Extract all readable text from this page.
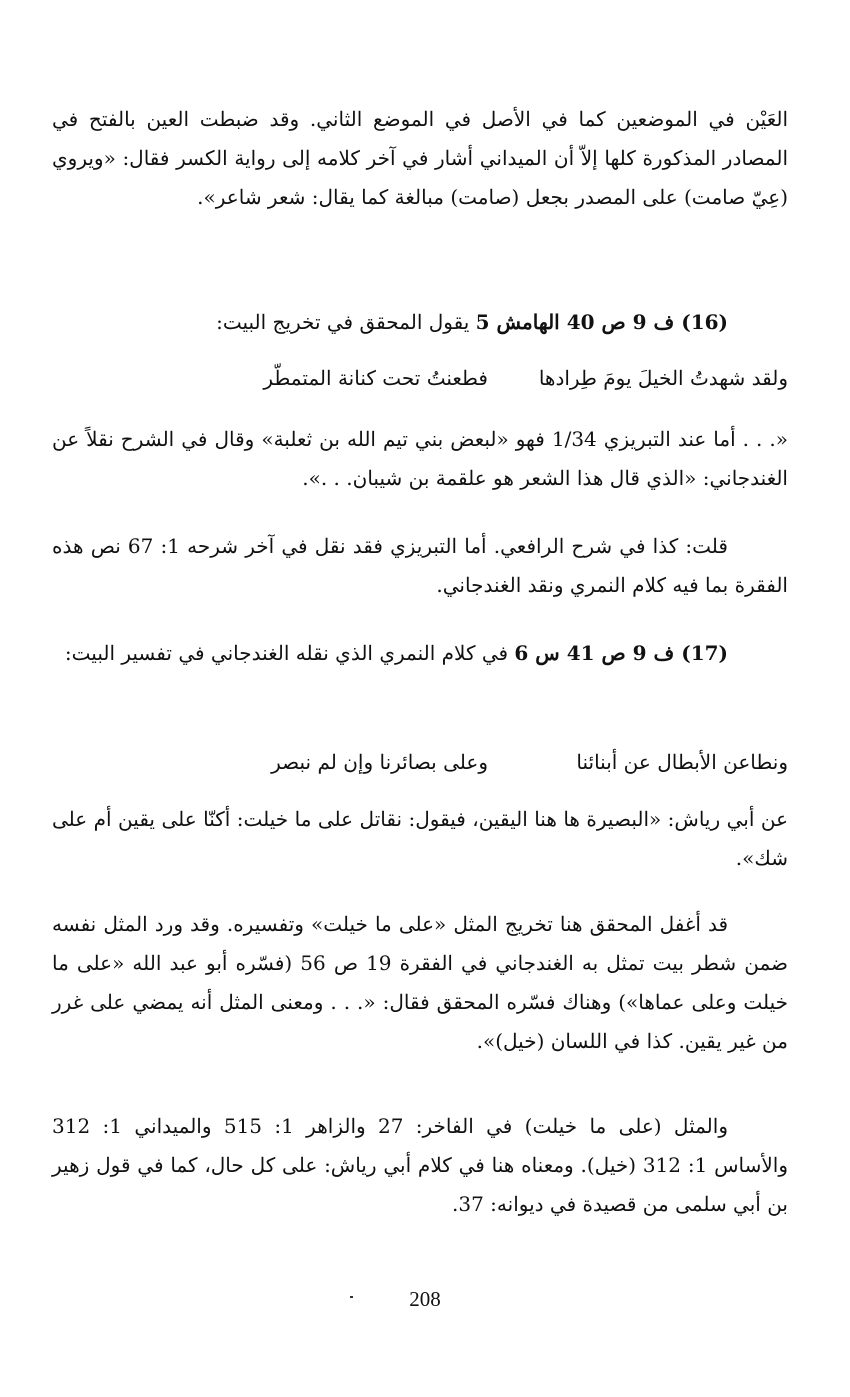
العَيْن في الموضعين كما في الأصل في الموضع الثاني. وقد ضبطت العين بالفتح في المصادر المذكورة كلها إلاّ أن الميداني أشار في آخر كلامه إلى رواية الكسر فقال: «ويروي (عِيّ صامت) على المصدر بجعل (صامت) مبالغة كما يقال: شعر شاعر».

(16) ف 9 ص 40 الهامش 5 يقول المحقق في تخريج البيت:

ولقد شهدتُ الخيلَ يومَ طِرادهافطعنتُ تحت كنانة المتمطّر

«. . . أما عند التبريزي 1/34 فهو «لبعض بني تيم الله بن ثعلبة» وقال في الشرح نقلاً عن الغندجاني: «الذي قال هذا الشعر هو علقمة بن شيبان. . .».

قلت: كذا في شرح الرافعي. أما التبريزي فقد نقل في آخر شرحه 1: 67 نص هذه الفقرة بما فيه كلام النمري ونقد الغندجاني.

(17) ف 9 ص 41 س 6 في كلام النمري الذي نقله الغندجاني في تفسير البيت:

ونطاعن الأبطال عن أبنائناوعلى بصائرنا وإن لم نبصر

عن أبي رياش: «البصيرة ها هنا اليقين، فيقول: نقاتل على ما خيلت: أكنّا على يقين أم على شك».

قد أغفل المحقق هنا تخريج المثل «على ما خيلت» وتفسيره. وقد ورد المثل نفسه ضمن شطر بيت تمثل به الغندجاني في الفقرة 19 ص 56 (فسّره أبو عبد الله «على ما خيلت وعلى عماها») وهناك فسّره المحقق فقال: «. . . ومعنى المثل أنه يمضي على غرر من غير يقين. كذا في اللسان (خيل)».

والمثل (على ما خيلت) في الفاخر: 27 والزاهر 1: 515 والميداني 1: 312 والأساس 1: 312 (خيل). ومعناه هنا في كلام أبي رياش: على كل حال، كما في قول زهير بن أبي سلمى من قصيدة في ديوانه: 37.

208
